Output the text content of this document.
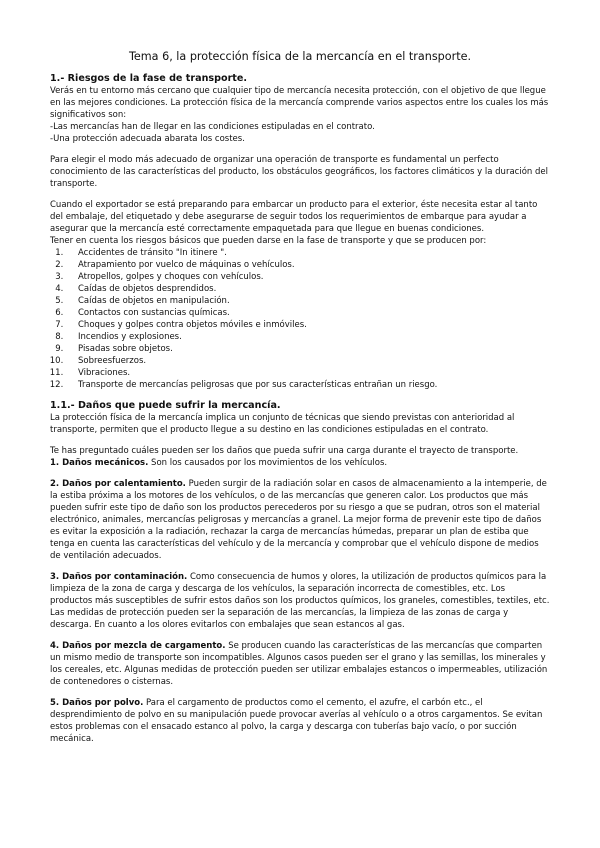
Tema 6, la protección física de la mercancía en el transporte.
1.- Riesgos de la fase de transporte.

Verás en tu entorno más cercano que cualquier tipo de mercancía necesita protección, con el objetivo de que llegue en las mejores condiciones. La protección física de la mercancía comprende varios aspectos entre los cuales los más significativos son:

-Las mercancías han de llegar en las condiciones estipuladas en el contrato.

-Una protección adecuada abarata los costes.

Para elegir el modo más adecuado de organizar una operación de transporte es fundamental un perfecto conocimiento de las características del producto, los obstáculos geográficos, los factores climáticos y la duración del transporte.

Cuando el exportador se está preparando para embarcar un producto para el exterior, éste necesita estar al tanto del embalaje, del etiquetado y debe asegurarse de seguir todos los requerimientos de embarque para ayudar a asegurar que la mercancía esté correctamente empaquetada para que llegue en buenas condiciones.

Tener en cuenta los riesgos básicos que pueden darse en la fase de transporte y que se producen por:

1. Accidentes de tránsito "In itinere ".
2. Atrapamiento por vuelco de máquinas o vehículos.
3. Atropellos, golpes y choques con vehículos.
4. Caídas de objetos desprendidos.
5. Caídas de objetos en manipulación.
6. Contactos con sustancias químicas.
7. Choques y golpes contra objetos móviles e inmóviles.
8. Incendios y explosiones.
9. Pisadas sobre objetos.
10. Sobreesfuerzos.
11. Vibraciones.
12. Transporte de mercancías peligrosas que por sus características entrañan un riesgo.
1.1.- Daños que puede sufrir la mercancía.

La protección física de la mercancía implica un conjunto de técnicas que siendo previstas con anterioridad al transporte, permiten que el producto llegue a su destino en las condiciones estipuladas en el contrato.

Te has preguntado cuáles pueden ser los daños que pueda sufrir una carga durante el trayecto de transporte.

1. Daños mecánicos. Son los causados por los movimientos de los vehículos.

2. Daños por calentamiento. Pueden surgir de la radiación solar en casos de almacenamiento a la intemperie, de la estiba próxima a los motores de los vehículos, o de las mercancías que generen calor. Los productos que más pueden sufrir este tipo de daño son los productos perecederos por su riesgo a que se pudran, otros son el material electrónico, animales, mercancías peligrosas y mercancías a granel. La mejor forma de prevenir este tipo de daños es evitar la exposición a la radiación, rechazar la carga de mercancías húmedas, preparar un plan de estiba que tenga en cuenta las características del vehículo y de la mercancía y comprobar que el vehículo dispone de medios de ventilación adecuados.

3. Daños por contaminación. Como consecuencia de humos y olores, la utilización de productos químicos para la limpieza de la zona de carga y descarga de los vehículos, la separación incorrecta de comestibles, etc. Los productos más susceptibles de sufrir estos daños son los productos químicos, los graneles, comestibles, textiles, etc. Las medidas de protección pueden ser la separación de las mercancías, la limpieza de las zonas de carga y descarga. En cuanto a los olores evitarlos con embalajes que sean estancos al gas.

4. Daños por mezcla de cargamento. Se producen cuando las características de las mercancías que comparten un mismo medio de transporte son incompatibles. Algunos casos pueden ser el grano y las semillas, los minerales y los cereales, etc. Algunas medidas de protección pueden ser utilizar embalajes estancos o impermeables, utilización de contenedores o cisternas.

5. Daños por polvo. Para el cargamento de productos como el cemento, el azufre, el carbón etc., el desprendimiento de polvo en su manipulación puede provocar averías al vehículo o a otros cargamentos. Se evitan estos problemas con el ensacado estanco al polvo, la carga y descarga con tuberías bajo vacío, o por succión mecánica.
